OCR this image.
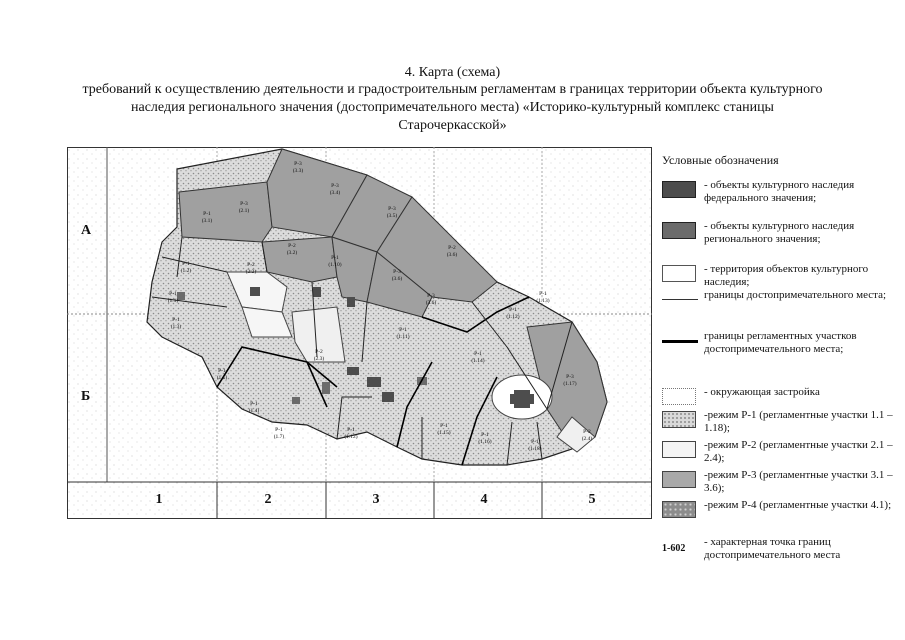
4. Карта (схема)
требований к осуществлению деятельности и градостроительным регламентам в границах территории объекта культурного
наследия регионального значения (достопримечательного места) «Историко-культурный комплекс станицы
Старочеркасской»
Р-1
(3.1)
Р-3
(2.1)
Р-3
(3.3)
Р-3
(3.4)
Р-3
(3.5)
Р-2
(3.2)
Р-2
(3.6)
Р-1
(1.2)
Р-2
(2.2)
Р-1
(1.10)
Р-3
(3.6)
Р-3
(3.6)
Р-1
(1.13)
Р-1
(1.12)
Р-1
(1.1)
Р-1
(1.3)	Р-1
(1.11)
Р-1
(1.14)
Р-2
(2.3)
Р-1
(1.5)	Р-3
(1.17)
Р-1
(1.4)
Р-1
(1.7)
Р-1
(1.12)
Р-1
(1.15)	Р-1
(1.16)	Р-1
(1.18)
Р-2
(2.4)
А
Б
1	2	3	4	5
Условные обозначения
- объекты культурного наследия федерального значения;
- объекты культурного наследия регионального значения;
- территория объектов культурного наследия;
границы достопримечательного места;
границы регламентных участков достопримечательного места;
- окружающая застройка
-режим Р-1 (регламентные участки 1.1 – 1.18);
-режим Р-2 (регламентные участки 2.1 – 2.4);
-режим Р-3 (регламентные участки 3.1 – 3.6);
-режим Р-4 (регламентные участки 4.1);
1-602
- характерная точка границ достопримечательного места
